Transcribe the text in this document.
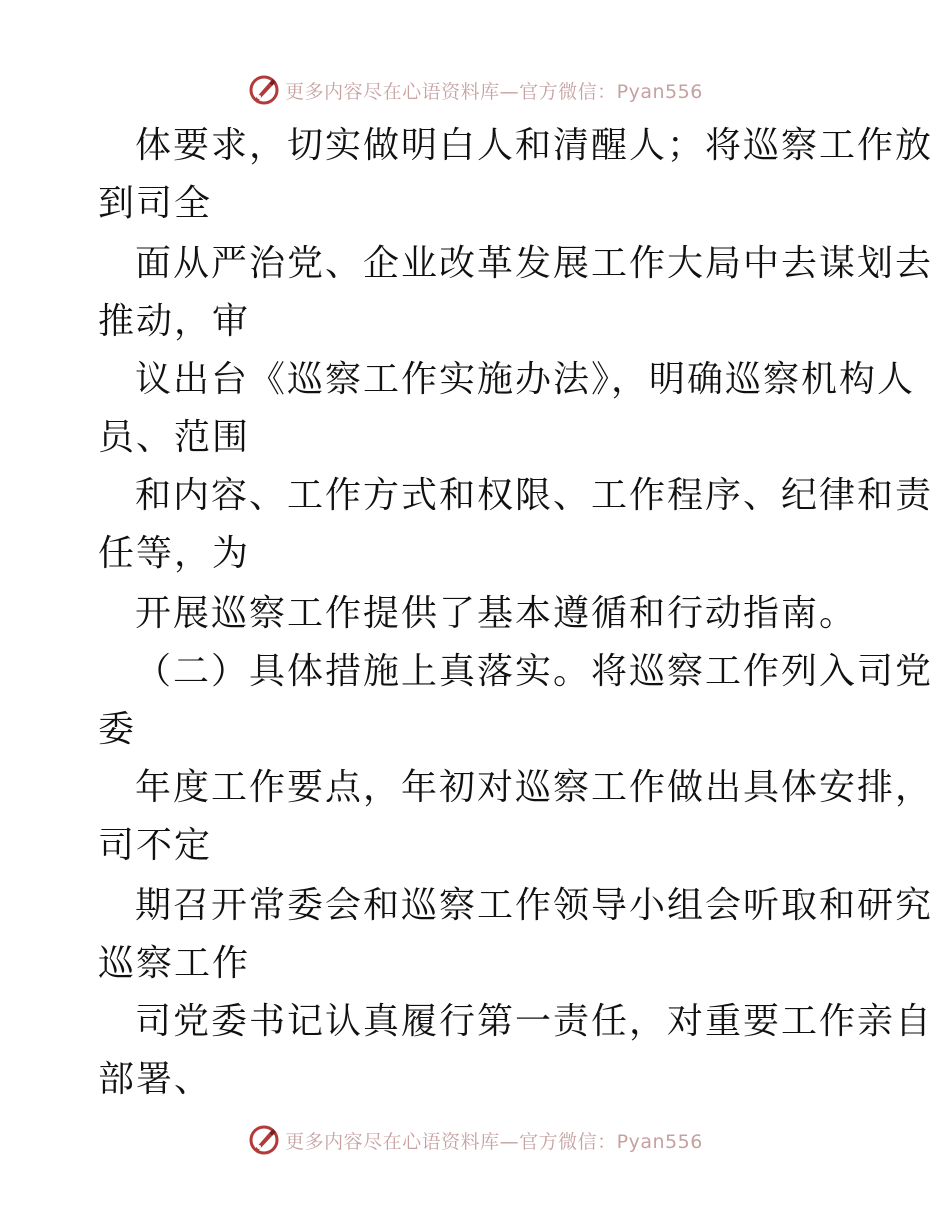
更多内容尽在心语资料库—官方微信：Pyan556
体要求，切实做明白人和清醒人；将巡察工作放
到司全
面从严治党、企业改革发展工作大局中去谋划去
推动，审
议出台《巡察工作实施办法》，明确巡察机构人
员、范围
和内容、工作方式和权限、工作程序、纪律和责
任等，为
开展巡察工作提供了基本遵循和行动指南。
（二）具体措施上真落实。将巡察工作列入司党
委
年度工作要点，年初对巡察工作做出具体安排，
司不定
期召开常委会和巡察工作领导小组会听取和研究
巡察工作
司党委书记认真履行第一责任，对重要工作亲自
部署、
更多内容尽在心语资料库—官方微信：Pyan556
